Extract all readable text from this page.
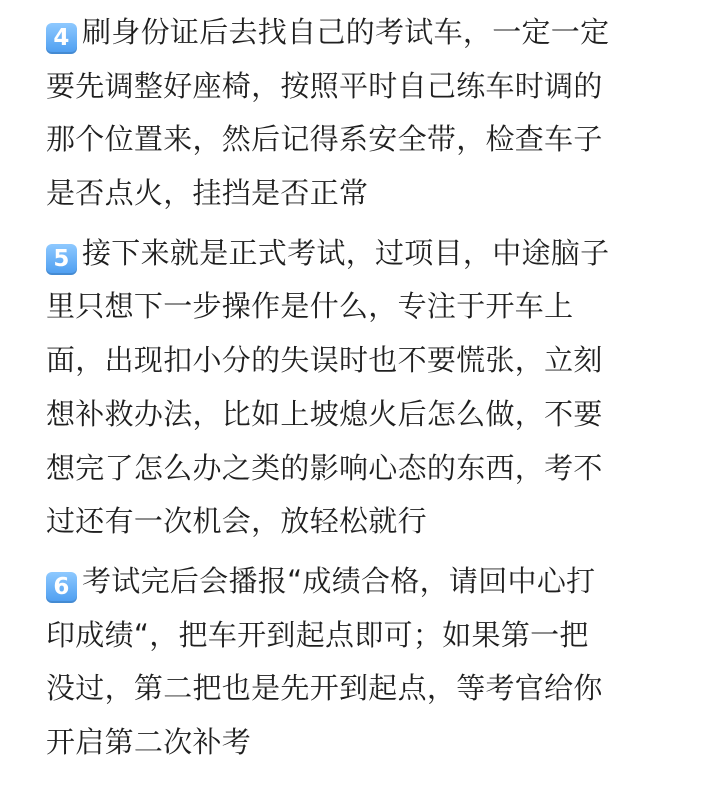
4 刷身份证后去找自己的考试车，一定一定
要先调整好座椅，按照平时自己练车时调的
那个位置来，然后记得系安全带，检查车子
是否点火，挂挡是否正常
5 接下来就是正式考试，过项目，中途脑子
里只想下一步操作是什么，专注于开车上
面，出现扣小分的失误时也不要慌张，立刻
想补救办法，比如上坡熄火后怎么做，不要
想完了怎么办之类的影响心态的东西，考不
过还有一次机会，放轻松就行
6 考试完后会播报“成绩合格，请回中心打
印成绩“，把车开到起点即可；如果第一把
没过，第二把也是先开到起点，等考官给你
开启第二次补考
